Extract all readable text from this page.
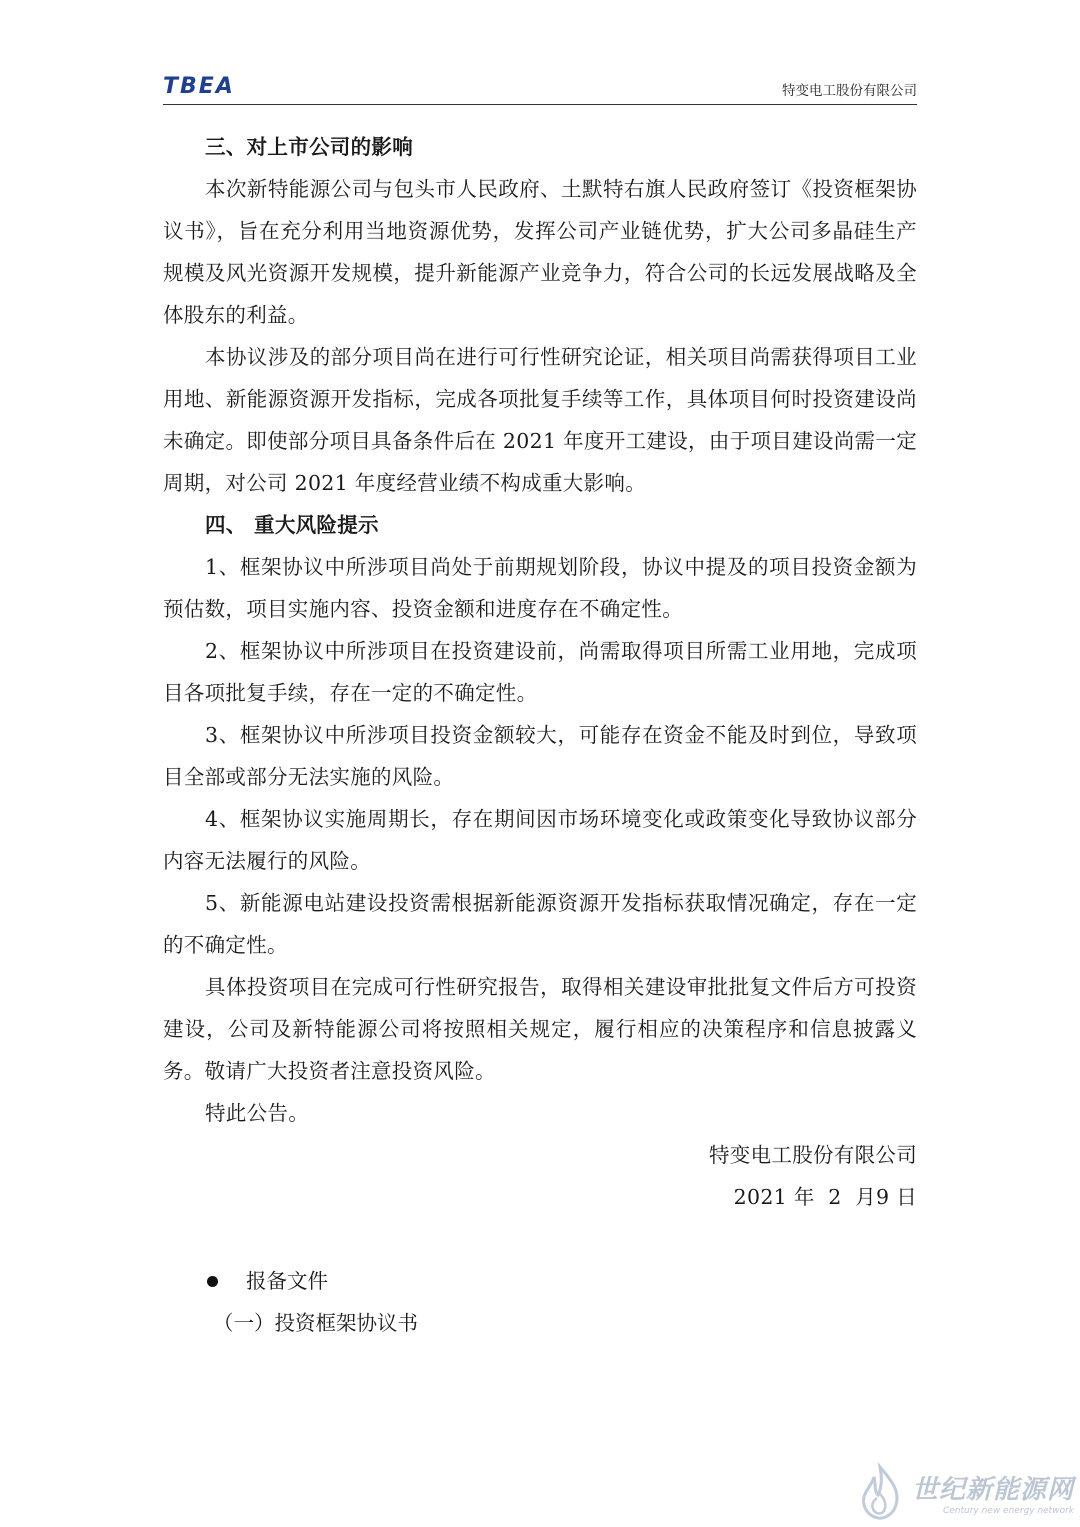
TBEA	特变电工股份有限公司

三、对上市公司的影响

本次新特能源公司与包头市人民政府、土默特右旗人民政府签订《投资框架协议书》，旨在充分利用当地资源优势，发挥公司产业链优势，扩大公司多晶硅生产规模及风光资源开发规模，提升新能源产业竞争力，符合公司的长远发展战略及全体股东的利益。

本协议涉及的部分项目尚在进行可行性研究论证，相关项目尚需获得项目工业用地、新能源资源开发指标，完成各项批复手续等工作，具体项目何时投资建设尚未确定。即使部分项目具备条件后在 2021 年度开工建设，由于项目建设尚需一定周期，对公司 2021 年度经营业绩不构成重大影响。

四、 重大风险提示

1、框架协议中所涉项目尚处于前期规划阶段，协议中提及的项目投资金额为预估数，项目实施内容、投资金额和进度存在不确定性。

2、框架协议中所涉项目在投资建设前，尚需取得项目所需工业用地，完成项目各项批复手续，存在一定的不确定性。

3、框架协议中所涉项目投资金额较大，可能存在资金不能及时到位，导致项目全部或部分无法实施的风险。

4、框架协议实施周期长，存在期间因市场环境变化或政策变化导致协议部分内容无法履行的风险。

5、新能源电站建设投资需根据新能源资源开发指标获取情况确定，存在一定的不确定性。

具体投资项目在完成可行性研究报告，取得相关建设审批批复文件后方可投资建设，公司及新特能源公司将按照相关规定，履行相应的决策程序和信息披露义务。敬请广大投资者注意投资风险。

特此公告。

特变电工股份有限公司

2021 年  2  月9 日

报备文件
（一）投资框架协议书
世纪新能源网
Century new energy network
